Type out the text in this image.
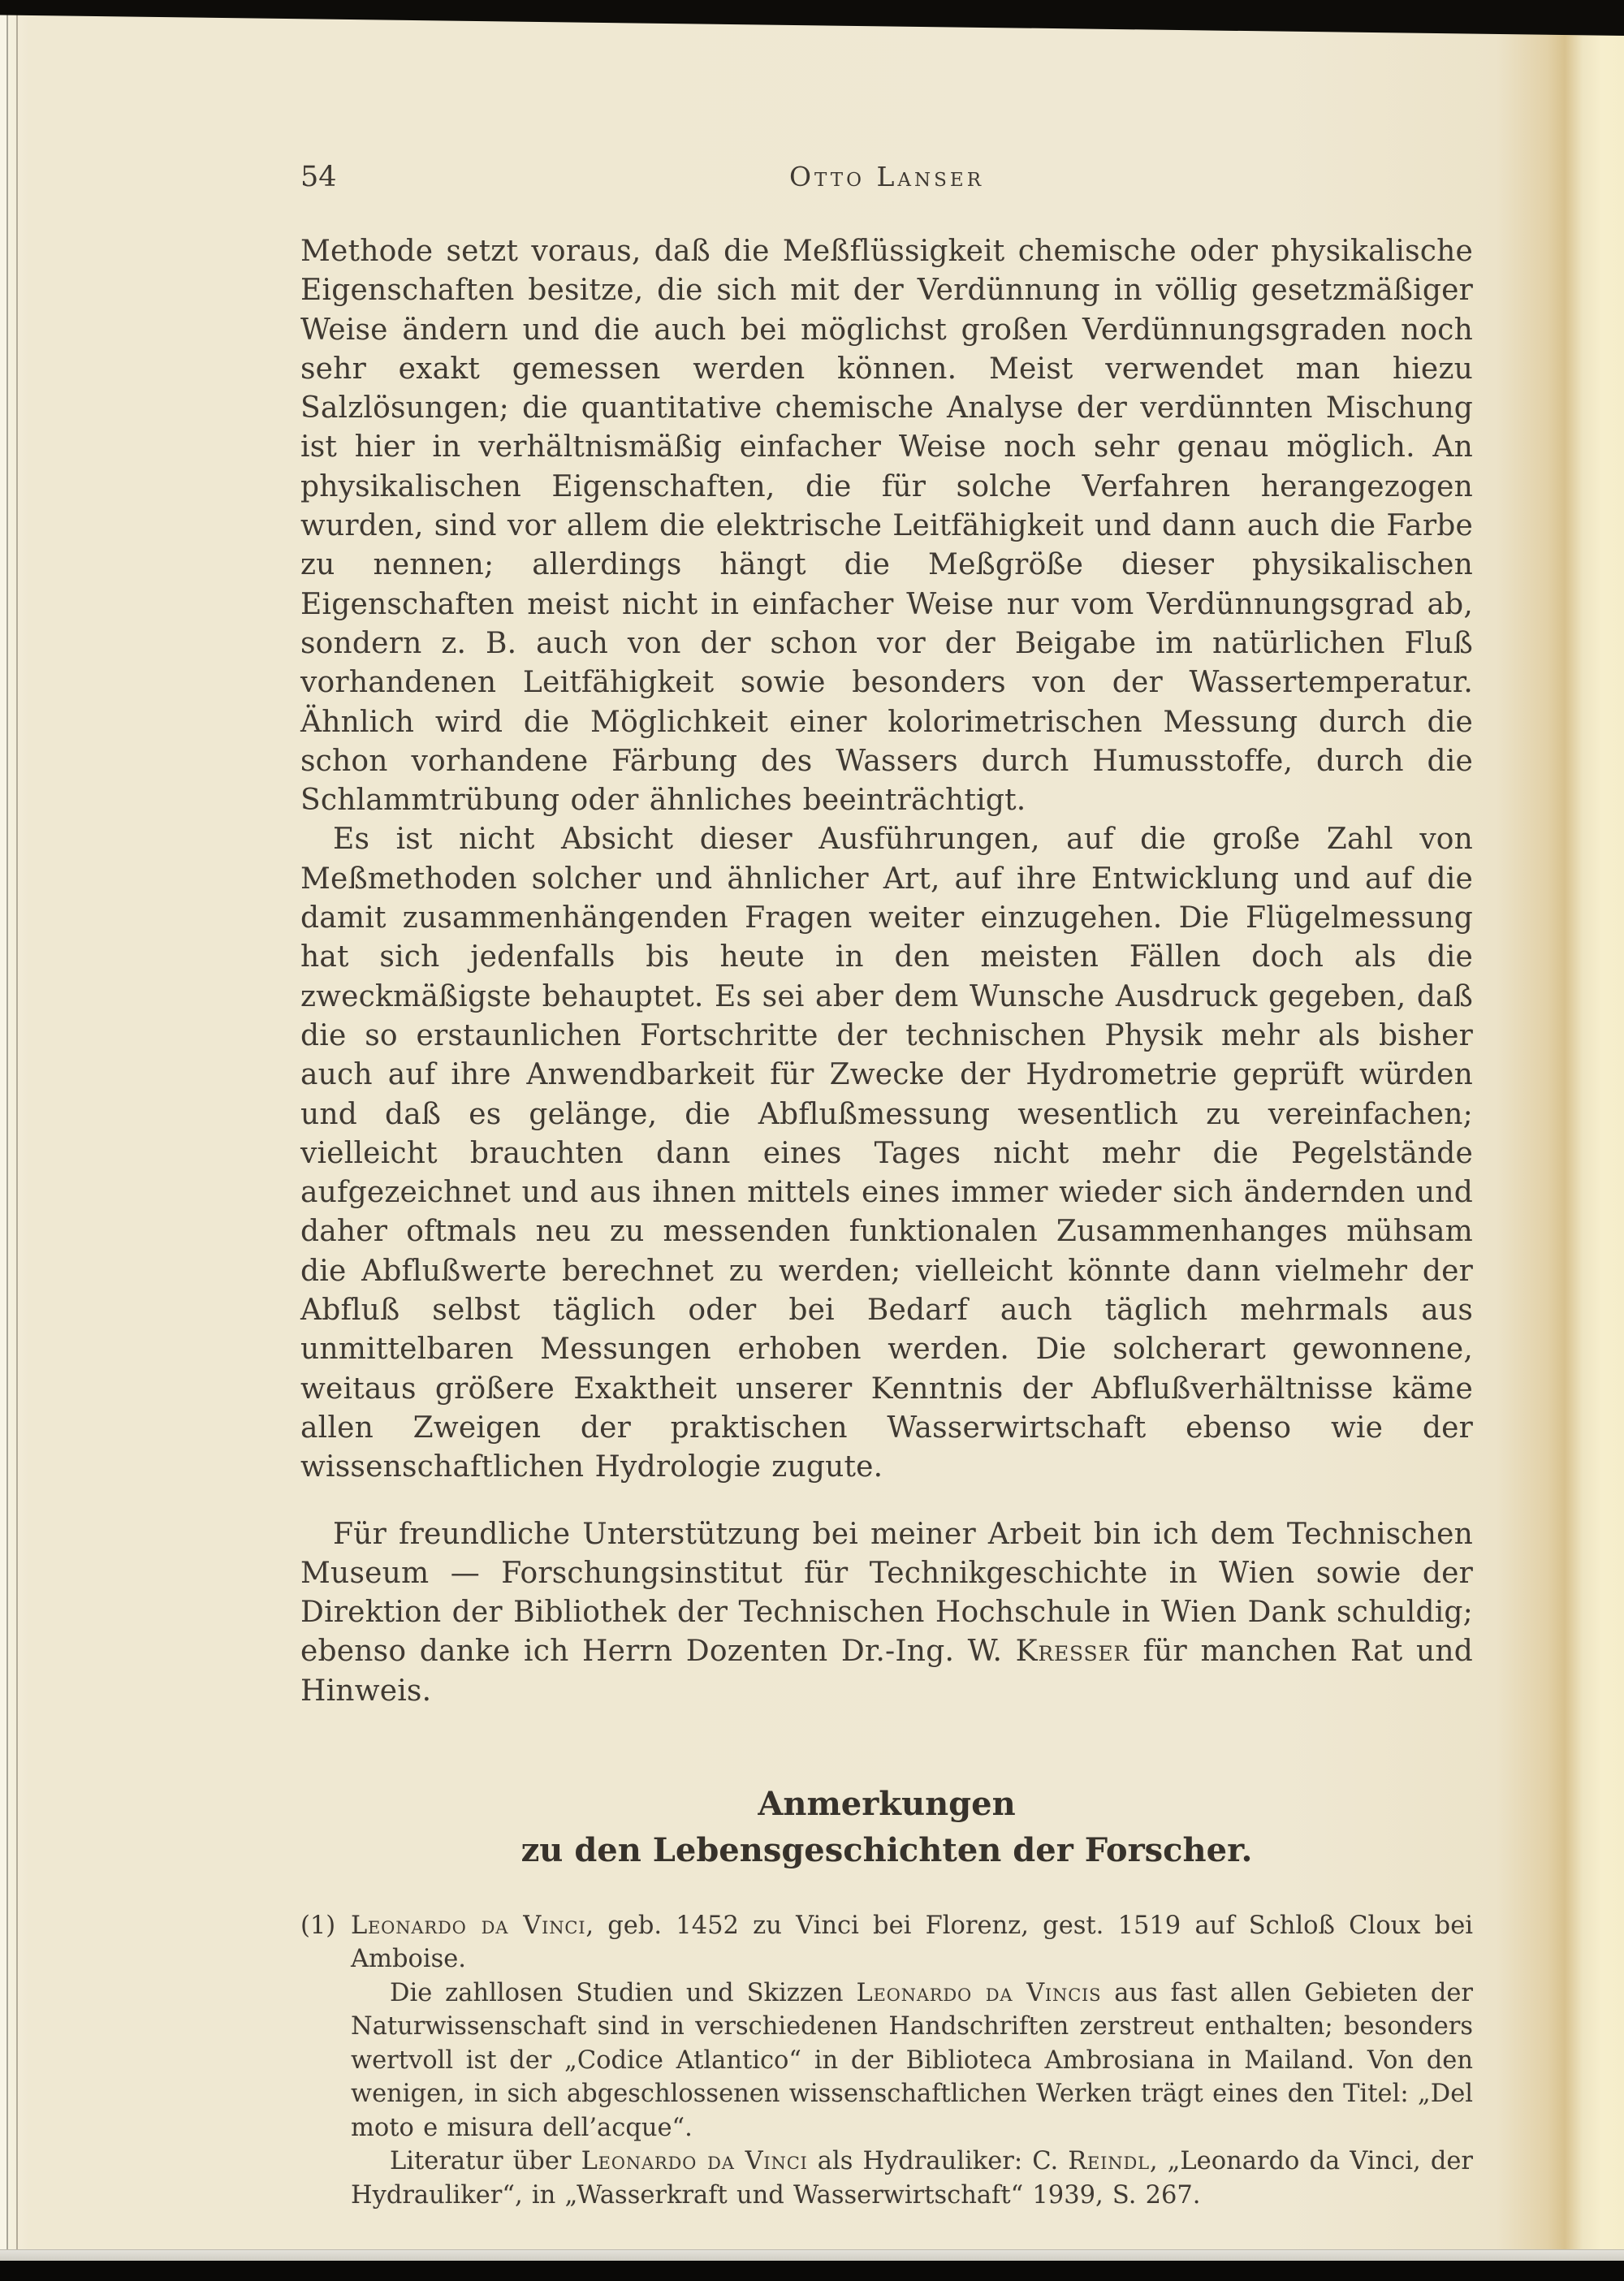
54	Otto Lanser

Methode setzt voraus, daß die Meßflüssigkeit chemische oder physikalische Eigenschaften besitze, die sich mit der Verdünnung in völlig gesetzmäßiger Weise ändern und die auch bei möglichst großen Verdünnungsgraden noch sehr exakt gemessen werden können. Meist verwendet man hiezu Salzlösungen; die quantitative chemische Analyse der verdünnten Mischung ist hier in verhältnismäßig einfacher Weise noch sehr genau möglich. An physikalischen Eigenschaften, die für solche Verfahren herangezogen wurden, sind vor allem die elektrische Leitfähigkeit und dann auch die Farbe zu nennen; allerdings hängt die Meßgröße dieser physikalischen Eigenschaften meist nicht in einfacher Weise nur vom Verdünnungsgrad ab, sondern z. B. auch von der schon vor der Beigabe im natürlichen Fluß vorhandenen Leitfähigkeit sowie besonders von der Wassertemperatur. Ähnlich wird die Möglichkeit einer kolorimetrischen Messung durch die schon vorhandene Färbung des Wassers durch Humusstoffe, durch die Schlammtrübung oder ähnliches beeinträchtigt.

Es ist nicht Absicht dieser Ausführungen, auf die große Zahl von Meßmethoden solcher und ähnlicher Art, auf ihre Entwicklung und auf die damit zusammenhängenden Fragen weiter einzugehen. Die Flügelmessung hat sich jedenfalls bis heute in den meisten Fällen doch als die zweckmäßigste behauptet. Es sei aber dem Wunsche Ausdruck gegeben, daß die so erstaunlichen Fortschritte der technischen Physik mehr als bisher auch auf ihre Anwendbarkeit für Zwecke der Hydrometrie geprüft würden und daß es gelänge, die Abflußmessung wesentlich zu vereinfachen; vielleicht brauchten dann eines Tages nicht mehr die Pegelstände aufgezeichnet und aus ihnen mittels eines immer wieder sich ändernden und daher oftmals neu zu messenden funktionalen Zusammenhanges mühsam die Abflußwerte berechnet zu werden; vielleicht könnte dann vielmehr der Abfluß selbst täglich oder bei Bedarf auch täglich mehrmals aus unmittelbaren Messungen erhoben werden. Die solcherart gewonnene, weitaus größere Exaktheit unserer Kenntnis der Abflußverhältnisse käme allen Zweigen der praktischen Wasserwirtschaft ebenso wie der wissenschaftlichen Hydrologie zugute.

Für freundliche Unterstützung bei meiner Arbeit bin ich dem Technischen Museum — Forschungsinstitut für Technikgeschichte in Wien sowie der Direktion der Bibliothek der Technischen Hochschule in Wien Dank schuldig; ebenso danke ich Herrn Dozenten Dr.-Ing. W. Kresser für manchen Rat und Hinweis.

Anmerkungen
zu den Lebensgeschichten der Forscher.
(1) Leonardo da Vinci, geb. 1452 zu Vinci bei Florenz, gest. 1519 auf Schloß Cloux bei Amboise.

Die zahllosen Studien und Skizzen Leonardo da Vincis aus fast allen Gebieten der Naturwissenschaft sind in verschiedenen Handschriften zerstreut enthalten; besonders wertvoll ist der „Codice Atlantico“ in der Biblioteca Ambrosiana in Mailand. Von den wenigen, in sich abgeschlossenen wissenschaftlichen Werken trägt eines den Titel: „Del moto e misura dell’acque“.

Literatur über Leonardo da Vinci als Hydrauliker: C. Reindl, „Leonardo da Vinci, der Hydrauliker“, in „Wasserkraft und Wasserwirtschaft“ 1939, S. 267.
